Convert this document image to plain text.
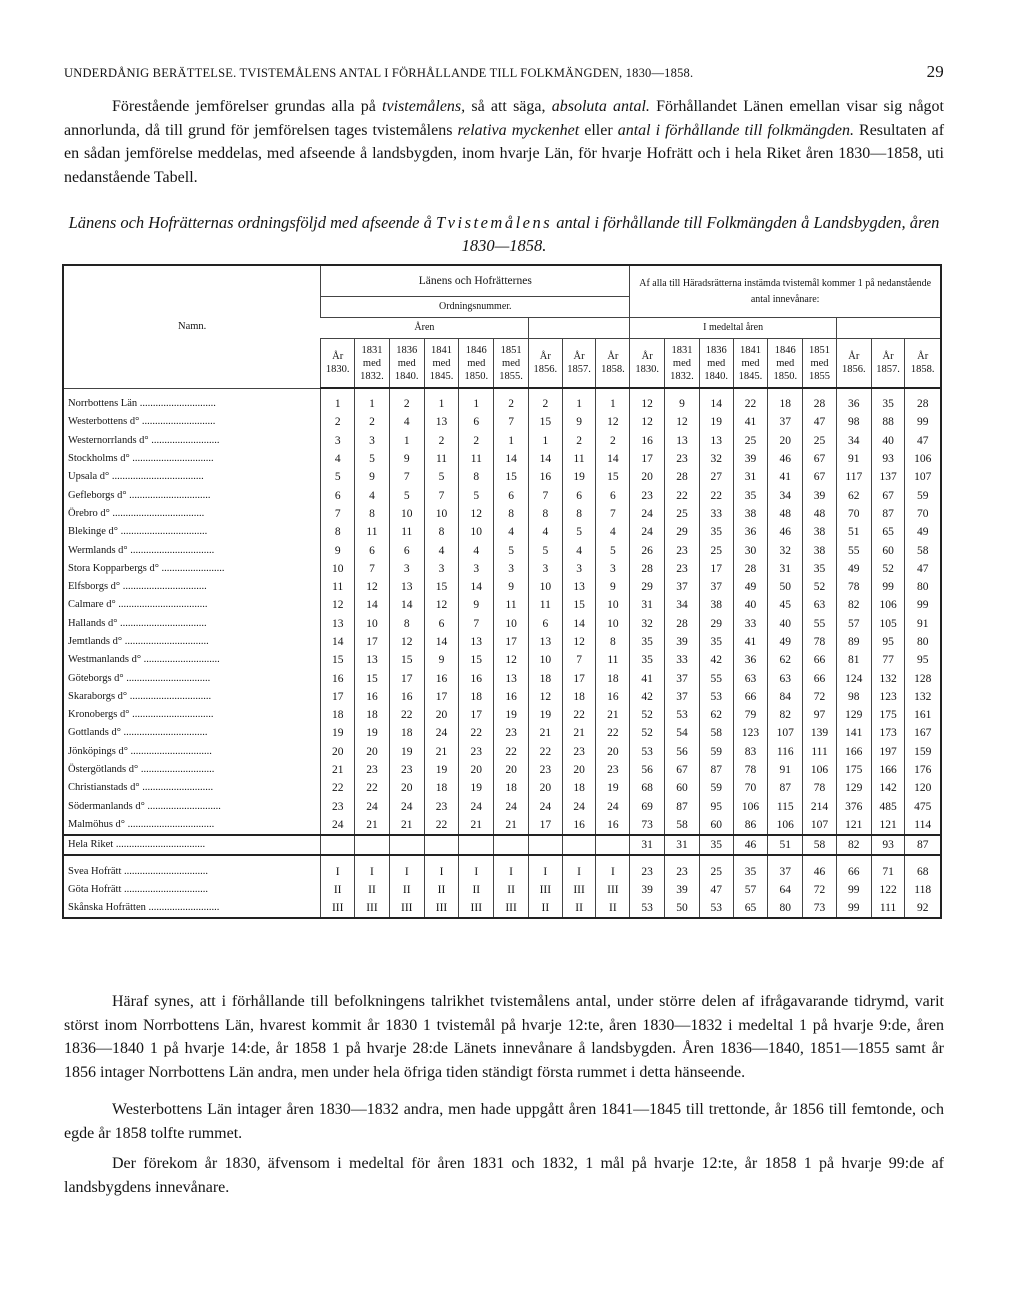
UNDERDÅNIG BERÄTTELSE. TVISTEMÅLENS ANTAL I FÖRHÅLLANDE TILL FOLKMÄNGDEN, 1830—1858.	29
Förestående jemförelser grundas alla på tvistemålens, så att säga, absoluta antal. Förhållandet Länen emellan visar sig något annorlunda, då till grund för jemförelsen tages tvistemålens relativa myckenhet eller antal i förhållande till folkmängden. Resultaten af en sådan jemförelse meddelas, med afseende å landsbygden, inom hvarje Län, för hvarje Hofrätt och i hela Riket åren 1830—1858, uti nedanstående Tabell.
Länens och Hofrätternas ordningsföljd med afseende å Tvistemålens antal i förhållande till Folkmängden å Landsbygden, åren 1830—1858.
Namn.	Länens och Hofrätternes									Af alla till Häradsrätterna instämda tvistemål kommer 1 på nedanstående antal innevånare:								
	Ordningsnummer.																	
	Åren									I medeltal åren								
	År 1830.	1831 med 1832.	1836 med 1840.	1841 med 1845.	1846 med 1850.	1851 med 1855.	År 1856.	År 1857.	År 1858.	År 1830.	1831 med 1832.	1836 med 1840.	1841 med 1845.	1846 med 1850.	1851 med 1855	År 1856.	År 1857.	År 1858.

Norrbottens Län .............................	1	1	2	1	1	2	2	1	1	12	9	14	22	18	28	36	35	28
Westerbottens d° ............................	2	2	4	13	6	7	15	9	12	12	12	19	41	37	47	98	88	99
Westernorrlands d° ..........................	3	3	1	2	2	1	1	2	2	16	13	13	25	20	25	34	40	47
Stockholms d° ...............................	4	5	9	11	11	14	14	11	14	17	23	32	39	46	67	91	93	106
Upsala d° ...................................	5	9	7	5	8	15	16	19	15	20	28	27	31	41	67	117	137	107
Gefleborgs d° ...............................	6	4	5	7	5	6	7	6	6	23	22	22	35	34	39	62	67	59
Örebro d° ...................................	7	8	10	10	12	8	8	8	7	24	25	33	38	48	48	70	87	70
Blekinge d° .................................	8	11	11	8	10	4	4	5	4	24	29	35	36	46	38	51	65	49
Wermlands d° ................................	9	6	6	4	4	5	5	4	5	26	23	25	30	32	38	55	60	58
Stora Kopparbergs d° ........................	10	7	3	3	3	3	3	3	3	28	23	17	28	31	35	49	52	47
Elfsborgs d° ................................	11	12	13	15	14	9	10	13	9	29	37	37	49	50	52	78	99	80
Calmare d° ..................................	12	14	14	12	9	11	11	15	10	31	34	38	40	45	63	82	106	99
Hallands d° .................................	13	10	8	6	7	10	6	14	10	32	28	29	33	40	55	57	105	91
Jemtlands d° ................................	14	17	12	14	13	17	13	12	8	35	39	35	41	49	78	89	95	80
Westmanlands d° .............................	15	13	15	9	15	12	10	7	11	35	33	42	36	62	66	81	77	95
Göteborgs d° ................................	16	15	17	16	16	13	18	17	18	41	37	55	63	63	66	124	132	128
Skaraborgs d° ...............................	17	16	16	17	18	16	12	18	16	42	37	53	66	84	72	98	123	132
Kronobergs d° ...............................	18	18	22	20	17	19	19	22	21	52	53	62	79	82	97	129	175	161
Gottlands d° ................................	19	19	18	24	22	23	21	21	22	52	54	58	123	107	139	141	173	167
Jönköpings d° ...............................	20	20	19	21	23	22	22	23	20	53	56	59	83	116	111	166	197	159
Östergötlands d° ............................	21	23	23	19	20	20	23	20	23	56	67	87	78	91	106	175	166	176
Christianstads d° ...........................	22	22	20	18	19	18	20	18	19	68	60	59	70	87	78	129	142	120
Södermanlands d° ............................	23	24	24	23	24	24	24	24	24	69	87	95	106	115	214	376	485	475
Malmöhus d° .................................	24	21	21	22	21	21	17	16	16	73	58	60	86	106	107	121	121	114
Hela Riket ..................................										31	31	35	46	51	58	82	93	87

Svea Hofrätt ................................	I	I	I	I	I	I	I	I	I	23	23	25	35	37	46	66	71	68
Göta Hofrätt ................................	II	II	II	II	II	II	III	III	III	39	39	47	57	64	72	99	122	118
Skånska Hofrätten ...........................	III	III	III	III	III	III	II	II	II	53	50	53	65	80	73	99	111	92
Häraf synes, att i förhållande till befolkningens talrikhet tvistemålens antal, under större delen af ifrågavarande tidrymd, varit störst inom Norrbottens Län, hvarest kommit år 1830 1 tvistemål på hvarje 12:te, åren 1830—1832 i medeltal 1 på hvarje 9:de, åren 1836—1840 1 på hvarje 14:de, år 1858 1 på hvarje 28:de Länets innevånare å landsbygden. Åren 1836—1840, 1851—1855 samt år 1856 intager Norrbottens Län andra, men under hela öfriga tiden ständigt första rummet i detta hänseende.
Westerbottens Län intager åren 1830—1832 andra, men hade uppgått åren 1841—1845 till trettonde, år 1856 till femtonde, och egde år 1858 tolfte rummet.
Der förekom år 1830, äfvensom i medeltal för åren 1831 och 1832, 1 mål på hvarje 12:te, år 1858 1 på hvarje 99:de af landsbygdens innevånare.
